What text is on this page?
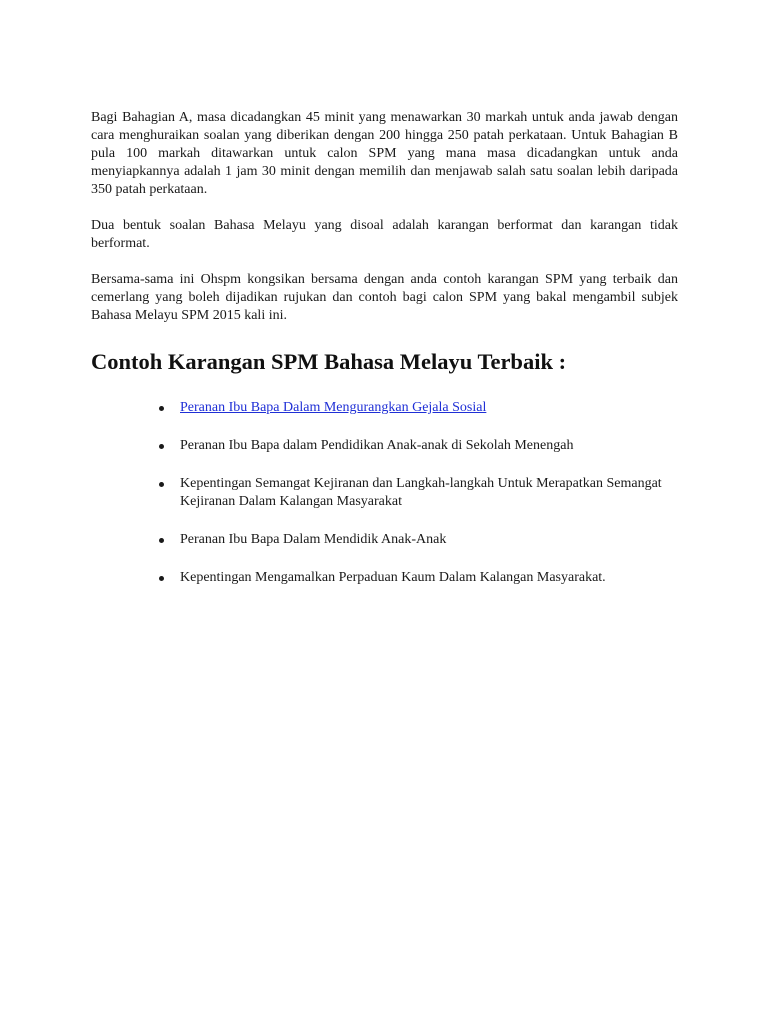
Bagi Bahagian A, masa dicadangkan 45 minit yang menawarkan 30 markah untuk anda jawab dengan cara menghuraikan soalan yang diberikan dengan 200 hingga 250 patah perkataan. Untuk Bahagian B pula 100 markah ditawarkan untuk calon SPM yang mana masa dicadangkan untuk anda menyiapkannya adalah 1 jam 30 minit dengan memilih dan menjawab salah satu soalan lebih daripada 350 patah perkataan.

Dua bentuk soalan Bahasa Melayu yang disoal adalah karangan berformat dan karangan tidak berformat.

Bersama-sama ini Ohspm kongsikan bersama dengan anda contoh karangan SPM yang terbaik dan cemerlang yang boleh dijadikan rujukan dan contoh bagi calon SPM yang bakal mengambil subjek Bahasa Melayu SPM 2015 kali ini.

Contoh Karangan SPM Bahasa Melayu Terbaik :
Peranan Ibu Bapa Dalam Mengurangkan Gejala Sosial
Peranan Ibu Bapa dalam Pendidikan Anak-anak di Sekolah Menengah
Kepentingan Semangat Kejiranan dan Langkah-langkah Untuk Merapatkan Semangat Kejiranan Dalam Kalangan Masyarakat
Peranan Ibu Bapa Dalam Mendidik Anak-Anak
Kepentingan Mengamalkan Perpaduan Kaum Dalam Kalangan Masyarakat.
